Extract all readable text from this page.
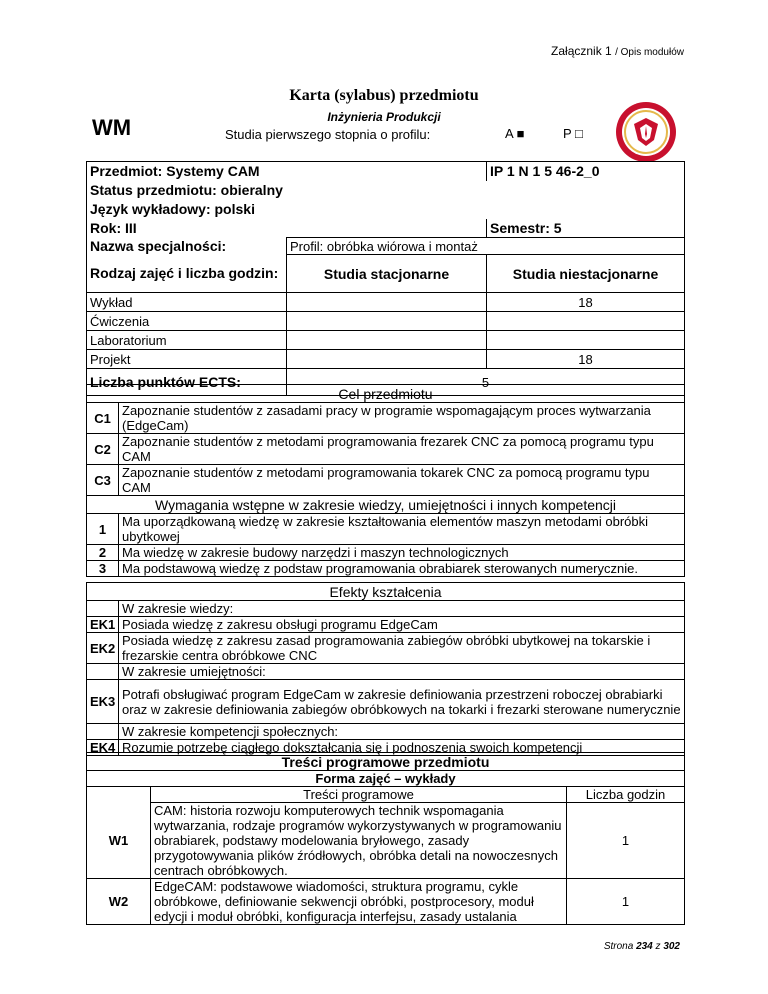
Załącznik 1 / Opis modułów
Karta (sylabus) przedmiotu
Inżynieria Produkcji
WM	Studia pierwszego stopnia o profilu:	A ■	P □
Przedmiot: Systemy CAM		IP 1 N 1 5 46-2_0
Status przedmiotu: obieralny		
Język wykładowy: polski		
Rok: III		Semestr: 5
Nazwa specjalności:	Profil: obróbka wiórowa i montaż	
Rodzaj zajęć i liczba godzin:	Studia stacjonarne	Studia niestacjonarne
Wykład		18
Ćwiczenia		
Laboratorium		
Projekt		18
Liczba punktów ECTS:	5	
Cel przedmiotu	
C1	Zapoznanie studentów z zasadami pracy w programie wspomagającym proces wytwarzania (EdgeCam)
C2	Zapoznanie studentów z metodami programowania frezarek CNC za pomocą programu typu CAM
C3	Zapoznanie studentów z metodami programowania tokarek CNC za pomocą programu typu CAM
Wymagania wstępne w zakresie wiedzy, umiejętności i innych kompetencji	
1	Ma uporządkowaną wiedzę w zakresie kształtowania elementów maszyn metodami obróbki ubytkowej
2	Ma wiedzę w zakresie budowy narzędzi i maszyn technologicznych
3	Ma podstawową wiedzę z podstaw programowania obrabiarek sterowanych numerycznie.
Efekty kształcenia	
	W zakresie wiedzy:
EK1	Posiada wiedzę z zakresu obsługi programu EdgeCam
EK2	Posiada wiedzę z zakresu zasad programowania zabiegów obróbki ubytkowej na tokarskie i frezarskie centra obróbkowe CNC
	W zakresie umiejętności:
EK3	Potrafi obsługiwać program EdgeCam w zakresie definiowania przestrzeni roboczej obrabiarki oraz w zakresie definiowania zabiegów obróbkowych na tokarki i frezarki sterowane numerycznie
	W zakresie kompetencji społecznych:
EK4	Rozumie potrzebę ciągłego dokształcania się i podnoszenia swoich kompetencji
Treści programowe przedmiotu		
Forma zajęć – wykłady		
	Treści programowe	Liczba godzin
W1	CAM: historia rozwoju komputerowych technik wspomagania wytwarzania, rodzaje programów wykorzystywanych w programowaniu obrabiarek, podstawy modelowania bryłowego, zasady przygotowywania plików źródłowych, obróbka detali na nowoczesnych centrach obróbkowych.	1
W2	EdgeCAM: podstawowe wiadomości, struktura programu, cykle obróbkowe, definiowanie sekwencji obróbki, postprocesory, moduł edycji i moduł obróbki, konfiguracja interfejsu, zasady ustalania	1
Strona 234 z 302
